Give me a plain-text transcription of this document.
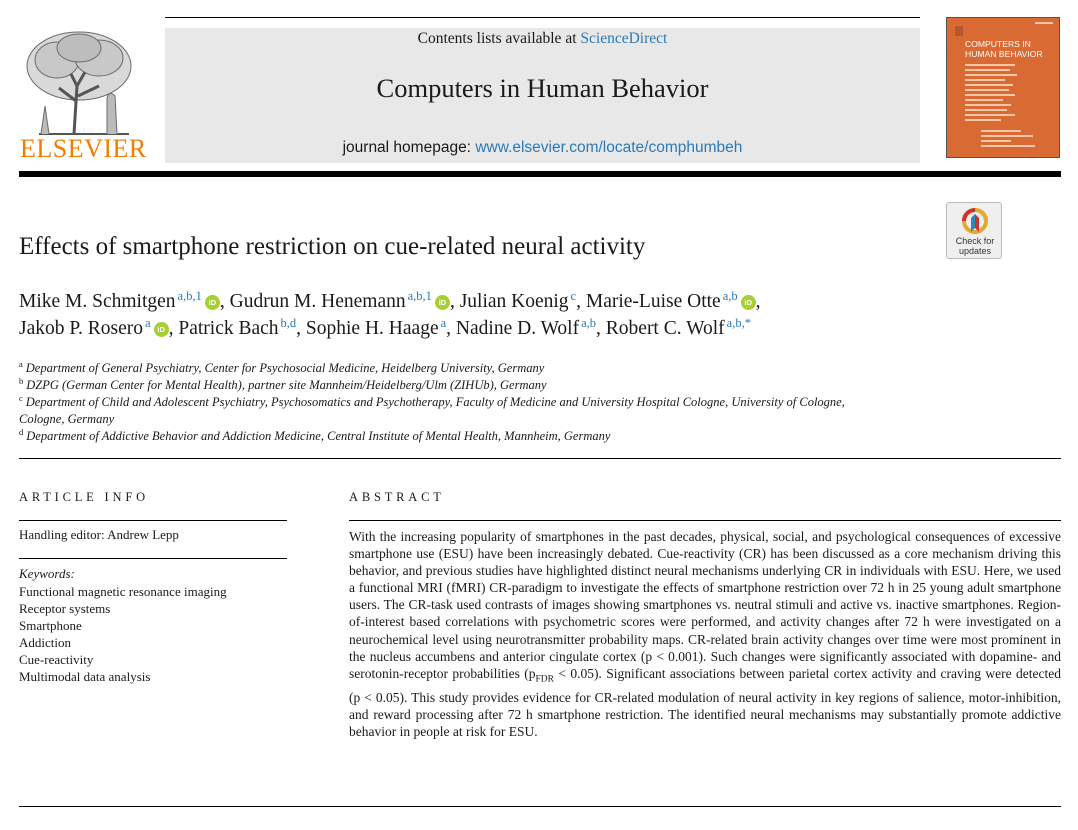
ELSEVIER
Contents lists available at ScienceDirect
Computers in Human Behavior
journal homepage: www.elsevier.com/locate/comphumbeh
COMPUTERS IN
HUMAN BEHAVIOR
Check for
updates
Effects of smartphone restriction on cue-related neural activity
Mike M. Schmitgen $^{a,b,1}$ iD , Gudrun M. Henemann $^{a,b,1}$ iD , Julian Koenig $^c$, Marie-Luise Otte $^{a,b}$ iD ,
Jakob P. Rosero $^a$ iD , Patrick Bach $^{b,d}$, Sophie H. Haage $^a$, Nadine D. Wolf $^{a,b}$, Robert C. Wolf $^{a,b,*}$
$^a$ Department of General Psychiatry, Center for Psychosocial Medicine, Heidelberg University, Germany
$^b$ DZPG (German Center for Mental Health), partner site Mannheim/Heidelberg/Ulm (ZIHUb), Germany
$^c$ Department of Child and Adolescent Psychiatry, Psychosomatics and Psychotherapy, Faculty of Medicine and University Hospital Cologne, University of Cologne,
Cologne, Germany
$^d$ Department of Addictive Behavior and Addiction Medicine, Central Institute of Mental Health, Mannheim, Germany
ARTICLE INFO
Handling editor: Andrew Lepp
Keywords:
Functional magnetic resonance imaging
Receptor systems
Smartphone
Addiction
Cue-reactivity
Multimodal data analysis
ABSTRACT
With the increasing popularity of smartphones in the past decades, physical, social, and psychological consequences of excessive smartphone use (ESU) have been increasingly debated. Cue-reactivity (CR) has been discussed as a core mechanism driving this behavior, and previous studies have highlighted distinct neural mechanisms underlying CR in individuals with ESU. Here, we used a functional MRI (fMRI) CR-paradigm to investigate the effects of smartphone restriction over 72 h in 25 young adult smartphone users. The CR-task used contrasts of images showing smartphones vs. neutral stimuli and active vs. inactive smartphones. Region-of-interest based correlations with psychometric scores were performed, and activity changes after 72 h were investigated on a neurochemical level using neurotransmitter probability maps. CR-related brain activity changes over time were most prominent in the nucleus accumbens and anterior cingulate cortex (p < 0.001). Such changes were significantly associated with dopamine- and serotonin-receptor probabilities $(p_{FDR} < 0.05)$. Significant associations between parietal cortex activity and craving were detected (p < 0.05). This study provides evidence for CR-related modulation of neural activity in key regions of salience, motor-inhibition, and reward processing after 72 h smartphone restriction. The identified neural mechanisms may substantially promote addictive behavior in people at risk for ESU.
